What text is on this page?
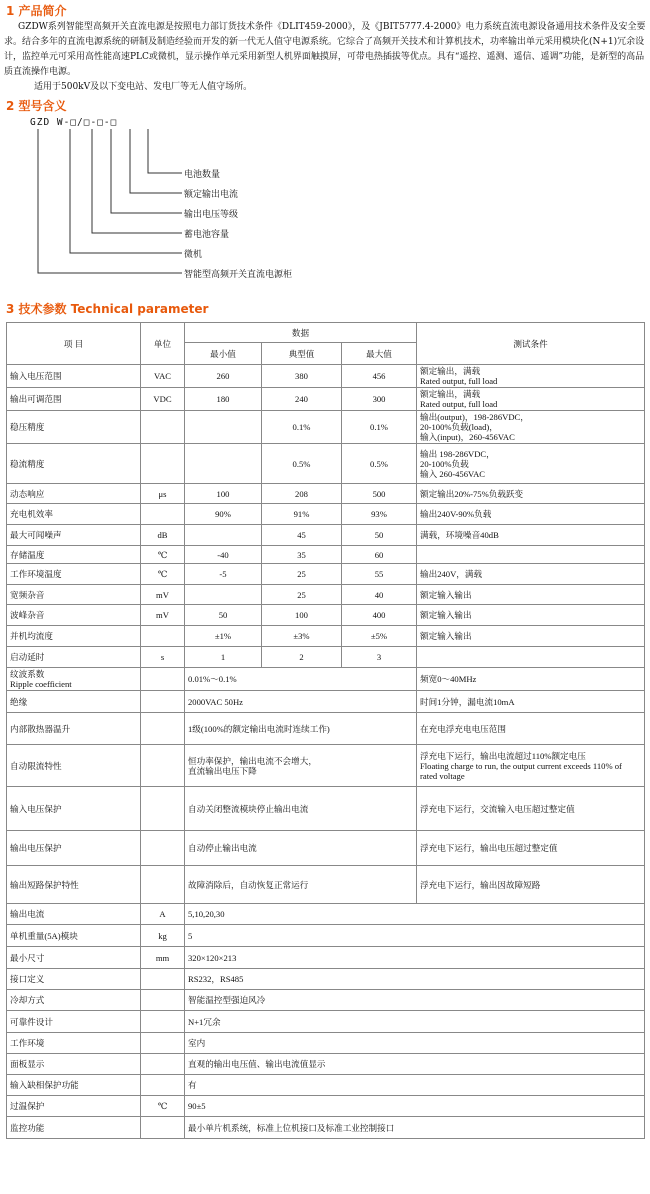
1 产品简介

GZDW系列智能型高频开关直流电源是按照电力部订货技术条件《DLIT459-2000》，及《JBIT5777.4-2000》电力系统直流电源设备通用技术条件及安全要求。结合多年的直流电源系统的研制及制造经验而开发的新一代无人值守电源系统。它综合了高频开关技术和计算机技术，功率输出单元采用模块化(N+1)冗余设计，监控单元可采用高性能高速PLC或微机，显示操作单元采用新型人机界面触摸屏，可带电热插拔等优点。具有“遥控、遥测、遥信、遥调”功能，是新型的高品质直流操作电源。

适用于500kV及以下变电站、发电厂等无人值守场所。

2 型号含义
GZD W-□/□-□-□
电池数量
额定输出电流
输出电压等级
蓄电池容量
微机
智能型高频开关直流电源柜
3 技术参数 Technical parameter
项 目	单位	数据			测试条件
		最小值	典型值	最大值	
输入电压范围	VAC	260	380	456	额定输出，满载
Rated output, full load
输出可调范围	VDC	180	240	300	额定输出，满载
Rated output, full load
稳压精度			0.1%	0.1%	输出(output)，198-286VDC，
20-100%负载(load)，
输入(input)，260-456VAC
稳流精度			0.5%	0.5%	输出 198-286VDC，
20-100%负载
输入 260-456VAC
动态响应	μs	100	208	500	额定输出20%-75%负载跃变
充电机效率		90%	91%	93%	输出240V-90%负载
最大可闻噪声	dB		45	50	满载，环境噪音40dB
存储温度	℃	-40	35	60	
工作环境温度	℃	-5	25	55	输出240V，满载
宽频杂音	mV		25	40	额定输入输出
波峰杂音	mV	50	100	400	额定输入输出
并机均流度		±1%	±3%	±5%	额定输入输出
启动延时	s	1	2	3	
纹波系数
Ripple coefficient		0.01%～0.1%			频宽0～40MHz
绝缘		2000VAC 50Hz			时间1分钟，漏电流10mA
内部散热器温升		1级(100%的额定输出电流时连续工作)			在充电浮充电电压范围
自动限流特性		恒功率保护，输出电流不会增大，
直流输出电压下降			浮充电下运行，输出电流超过110%额定电压
Floating charge to run, the output current exceeds 110% of rated voltage
输入电压保护		自动关闭整流模块停止输出电流			浮充电下运行，交流输入电压超过整定值
输出电压保护		自动停止输出电流			浮充电下运行，输出电压超过整定值
输出短路保护特性		故障消除后，自动恢复正常运行			浮充电下运行，输出因故障短路
输出电流	A	5,10,20,30			
单机重量(5A)模块	kg	5			
最小尺寸	mm	320×120×213			
接口定义		RS232，RS485			
冷却方式		智能温控型强迫风冷			
可靠件设计		N+1冗余			
工作环境		室内			
面板显示		直观的输出电压值、输出电流值显示			
输入缺相保护功能		有			
过温保护	℃	90±5			
监控功能		最小单片机系统，标准上位机接口及标准工业控制接口			
